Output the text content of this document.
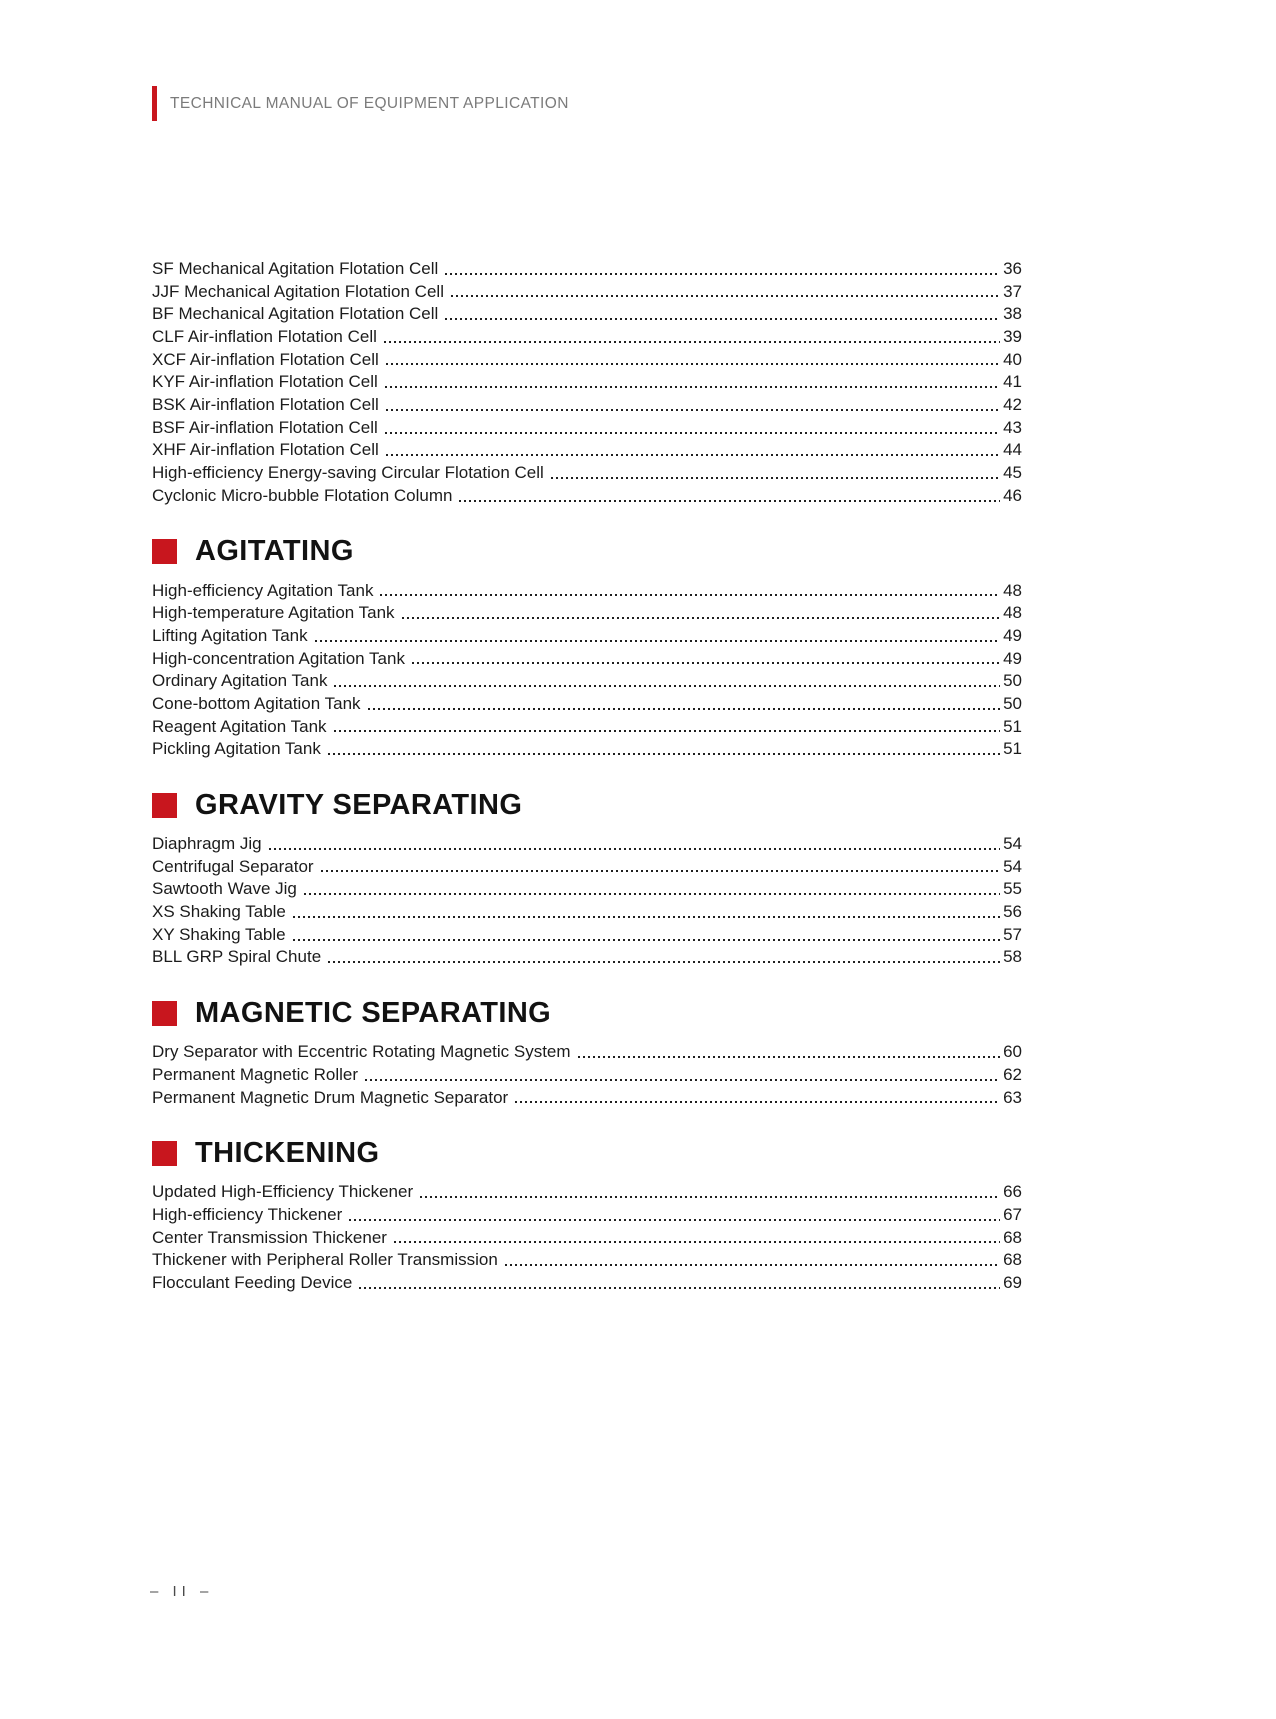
TECHNICAL MANUAL OF EQUIPMENT APPLICATION
SF Mechanical Agitation Flotation Cell	36
JJF Mechanical Agitation Flotation Cell	37
BF Mechanical Agitation Flotation Cell	38
CLF Air-inflation Flotation Cell	39
XCF Air-inflation Flotation Cell	40
KYF Air-inflation Flotation Cell	41
BSK Air-inflation Flotation Cell	42
BSF Air-inflation Flotation Cell	43
XHF Air-inflation Flotation Cell	44
High-efficiency Energy-saving Circular Flotation Cell	45
Cyclonic Micro-bubble Flotation Column	46
AGITATING
High-efficiency Agitation Tank	48
High-temperature Agitation Tank	48
Lifting Agitation Tank	49
High-concentration Agitation Tank	49
Ordinary Agitation Tank	50
Cone-bottom Agitation Tank	50
Reagent Agitation Tank	51
Pickling Agitation Tank	51
GRAVITY SEPARATING
Diaphragm Jig	54
Centrifugal Separator	54
Sawtooth Wave Jig	55
XS Shaking Table	56
XY Shaking Table	57
BLL GRP Spiral Chute	58
MAGNETIC SEPARATING
Dry Separator with Eccentric Rotating Magnetic System	60
Permanent Magnetic Roller	62
Permanent Magnetic Drum Magnetic Separator	63
THICKENING
Updated High-Efficiency Thickener	66
High-efficiency Thickener	67
Center Transmission Thickener	68
Thickener with Peripheral Roller Transmission	68
Flocculant Feeding Device	69
– II –
